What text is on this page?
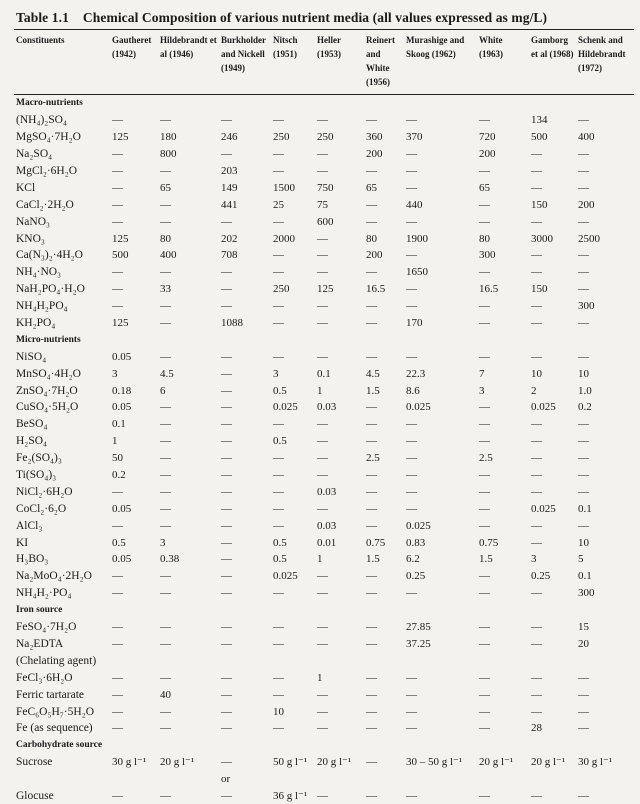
Table 1.1 Chemical Composition of various nutrient media (all values expressed as mg/L)
Constituents	Gautheret (1942)	Hildebrandt et al (1946)	Burkholder and Nickell (1949)	Nitsch (1951)	Heller (1953)	Reinert and White (1956)	Murashige and Skoog (1962)	White (1963)	Gamborg et al (1968)	Schenk and Hildebrandt (1972)
Macro-nutrients										
(NH₄)₂SO₄	—	—	—	—	—	—	—	—	134	—
MgSO₄·7H₂O	125	180	246	250	250	360	370	720	500	400
Na₂SO₄	—	800	—	—	—	200	—	200	—	—
MgCl₂·6H₂O	—	—	203	—	—	—	—	—	—	—
KCl	—	65	149	1500	750	65	—	65	—	—
CaCl₂·2H₂O	—	—	441	25	75	—	440	—	150	200
NaNO₃	—	—	—	—	600	—	—	—	—	—
KNO₃	125	80	202	2000	—	80	1900	80	3000	2500
Ca(N₃)₂·4H₂O	500	400	708	—	—	200	—	300	—	—
NH₄·NO₃	—	—	—	—	—	—	1650	—	—	—
NaH₂PO₄·H₂O	—	33	—	250	125	16.5	—	16.5	150	—
NH₄H₂PO₄	—	—	—	—	—	—	—	—	—	300
KH₂PO₄	125	—	1088	—	—	—	170	—	—	—
Micro-nutrients										
NiSO₄	0.05	—	—	—	—	—	—	—	—	—
MnSO₄·4H₂O	3	4.5	—	3	0.1	4.5	22.3	7	10	10
ZnSO₄·7H₂O	0.18	6	—	0.5	1	1.5	8.6	3	2	1.0
CuSO₄·5H₂O	0.05	—	—	0.025	0.03	—	0.025	—	0.025	0.2
BeSO₄	0.1	—	—	—	—	—	—	—	—	—
H₂SO₄	1	—	—	0.5	—	—	—	—	—	—
Fe₂(SO₄)₃	50	—	—	—	—	2.5	—	2.5	—	—
Ti(SO₄)₃	0.2	—	—	—	—	—	—	—	—	—
NiCl₂·6H₂O	—	—	—	—	0.03	—	—	—	—	—
CoCl₂·6₂O	0.05	—	—	—	—	—	—	—	0.025	0.1
AlCl₃	—	—	—	—	0.03	—	0.025	—	—	—
KI	0.5	3	—	0.5	0.01	0.75	0.83	0.75	—	10
H₃BO₃	0.05	0.38	—	0.5	1	1.5	6.2	1.5	3	5
Na₂MoO₄·2H₂O	—	—	—	0.025	—	—	0.25	—	0.25	0.1
NH₄H₂·PO₄	—	—	—	—	—	—	—	—	—	300
Iron source										
FeSO₄·7H₂O	—	—	—	—	—	—	27.85	—	—	15
Na₂EDTA	—	—	—	—	—	—	37.25	—	—	20
(Chelating agent)										
FeCl₃·6H₂O	—	—	—	—	1	—	—	—	—	—
Ferric tartarate	—	40	—	—	—	—	—	—	—	—
FeC₆O₅H₇·5H₂O	—	—	—	10	—	—	—	—	—	—
Fe (as sequence)	—	—	—	—	—	—	—	—	28	—
Carbohydrate source										
Sucrose	30 g l⁻¹	20 g l⁻¹	—	50 g l⁻¹	20 g l⁻¹	—	30 – 50 g l⁻¹	20 g l⁻¹	20 g l⁻¹	30 g l⁻¹
			or							
Glocuse	—	—	—	36 g l⁻¹	—	—	—	—	—	—
